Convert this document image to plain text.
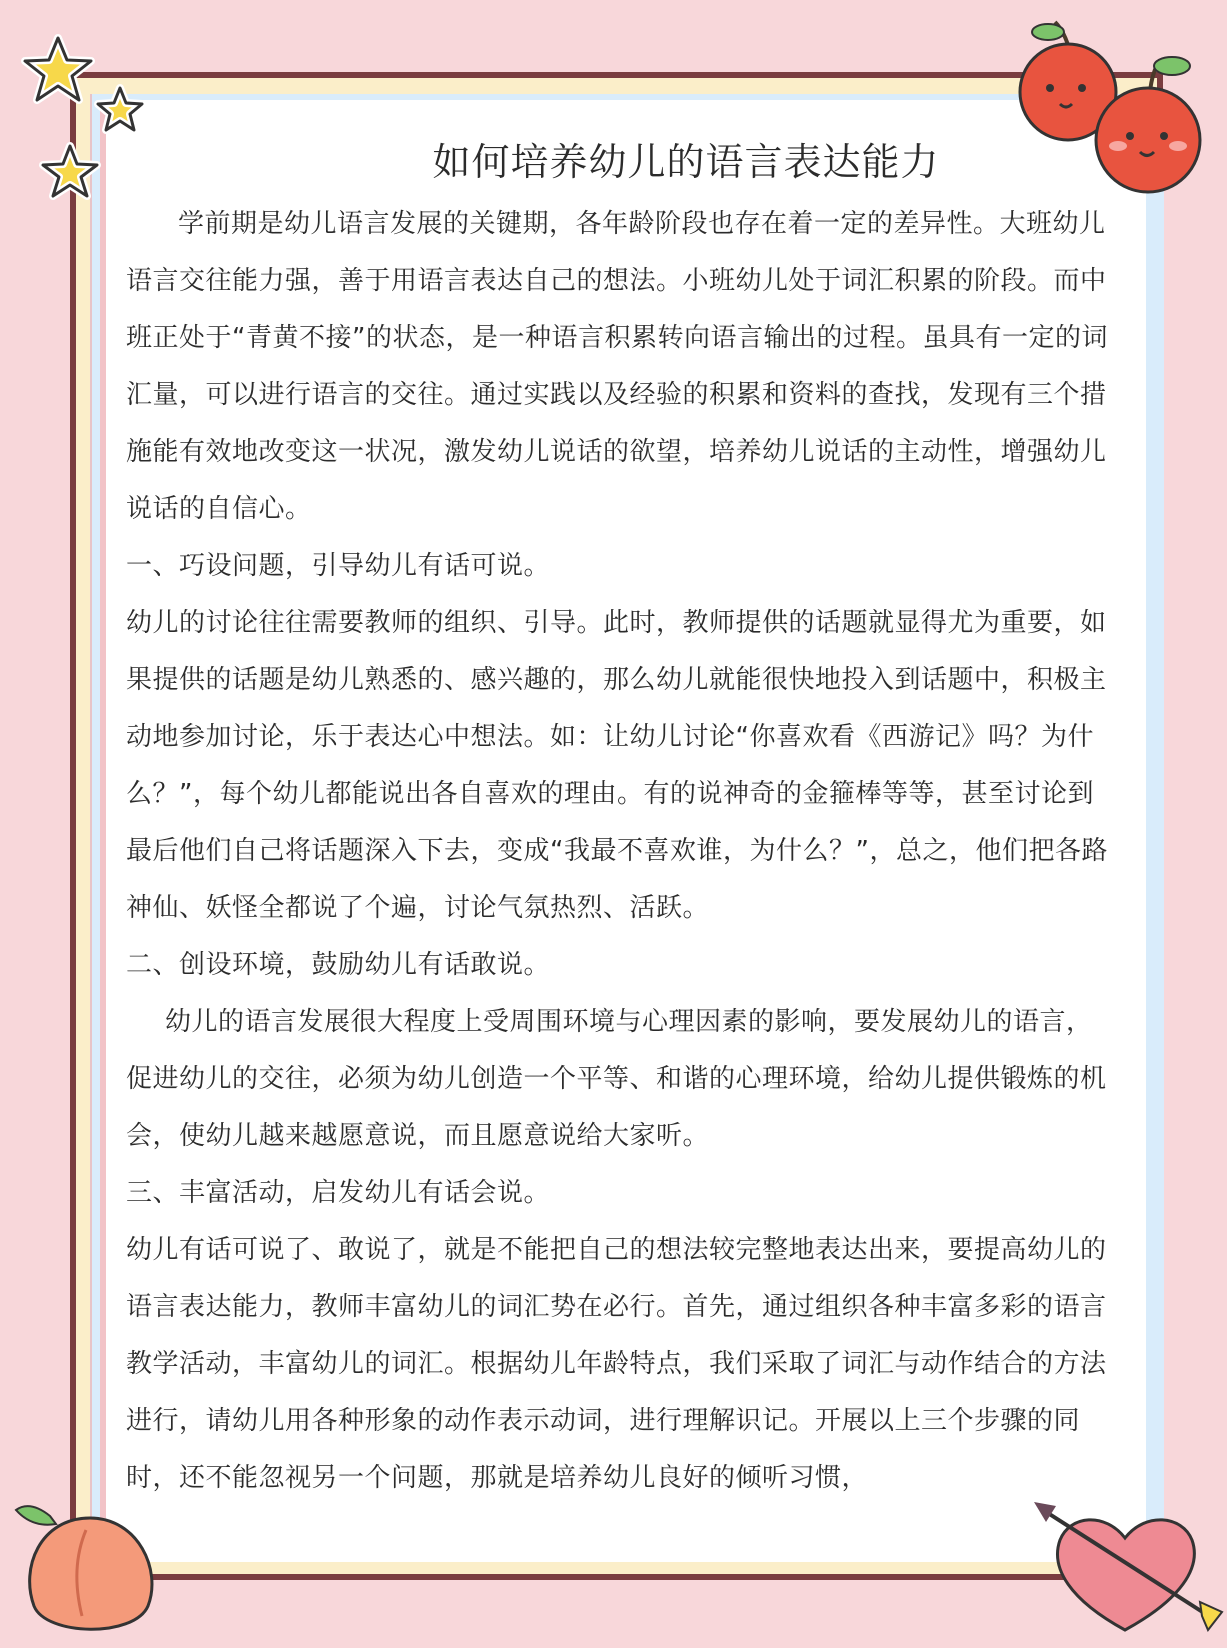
如何培养幼儿的语言表达能力

学前期是幼儿语言发展的关键期，各年龄阶段也存在着一定的差异性。大班幼儿语言交往能力强，善于用语言表达自己的想法。小班幼儿处于词汇积累的阶段。而中班正处于“青黄不接”的状态，是一种语言积累转向语言输出的过程。虽具有一定的词汇量，可以进行语言的交往。通过实践以及经验的积累和资料的查找，发现有三个措施能有效地改变这一状况，激发幼儿说话的欲望，培养幼儿说话的主动性，增强幼儿说话的自信心。

一、巧设问题，引导幼儿有话可说。

幼儿的讨论往往需要教师的组织、引导。此时，教师提供的话题就显得尤为重要，如果提供的话题是幼儿熟悉的、感兴趣的，那么幼儿就能很快地投入到话题中，积极主动地参加讨论，乐于表达心中想法。如：让幼儿讨论“你喜欢看《西游记》吗？为什么？”，每个幼儿都能说出各自喜欢的理由。有的说神奇的金箍棒等等，甚至讨论到最后他们自己将话题深入下去，变成“我最不喜欢谁，为什么？”，总之，他们把各路神仙、妖怪全都说了个遍，讨论气氛热烈、活跃。

二、创设环境，鼓励幼儿有话敢说。

幼儿的语言发展很大程度上受周围环境与心理因素的影响，要发展幼儿的语言，促进幼儿的交往，必须为幼儿创造一个平等、和谐的心理环境，给幼儿提供锻炼的机会，使幼儿越来越愿意说，而且愿意说给大家听。

三、丰富活动，启发幼儿有话会说。

幼儿有话可说了、敢说了，就是不能把自己的想法较完整地表达出来，要提高幼儿的语言表达能力，教师丰富幼儿的词汇势在必行。首先，通过组织各种丰富多彩的语言教学活动，丰富幼儿的词汇。根据幼儿年龄特点，我们采取了词汇与动作结合的方法进行，请幼儿用各种形象的动作表示动词，进行理解识记。开展以上三个步骤的同时，还不能忽视另一个问题，那就是培养幼儿良好的倾听习惯，
